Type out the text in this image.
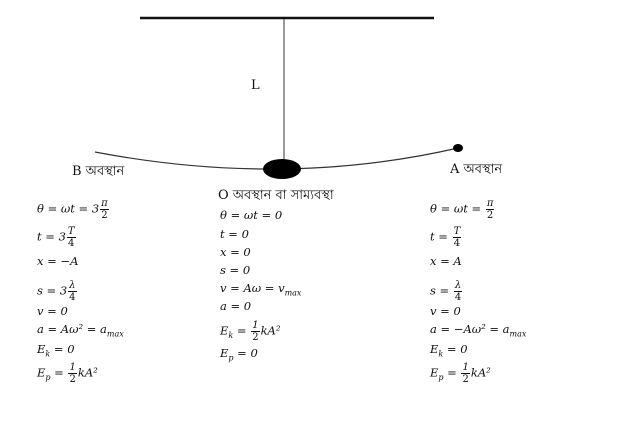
L
B অবস্থান
O অবস্থান বা সাম্যবস্থা
A অবস্থান
$\theta = \omega t = 3 \frac{\pi}{2}$
$t = 3 \frac{T}{4}$
x = −A
$s = 3 \frac{\lambda}{4}$
v = 0
$a = A\omega^2 = a_{max}$
$E_k = 0$
$E_p = \frac{1}{2} kA^2$
θ = ωt = 0
t = 0
x = 0
s = 0
$v = A\omega = v_{max}$
a = 0
$E_k = \frac{1}{2} kA^2$
$E_p = 0$
$\theta = \omega t = \frac{\pi}{2}$
$t = \frac{T}{4}$
x = A
$s = \frac{\lambda}{4}$
v = 0
$a = -A\omega^2 = a_{max}$
$E_k = 0$
$E_p = \frac{1}{2} kA^2$
